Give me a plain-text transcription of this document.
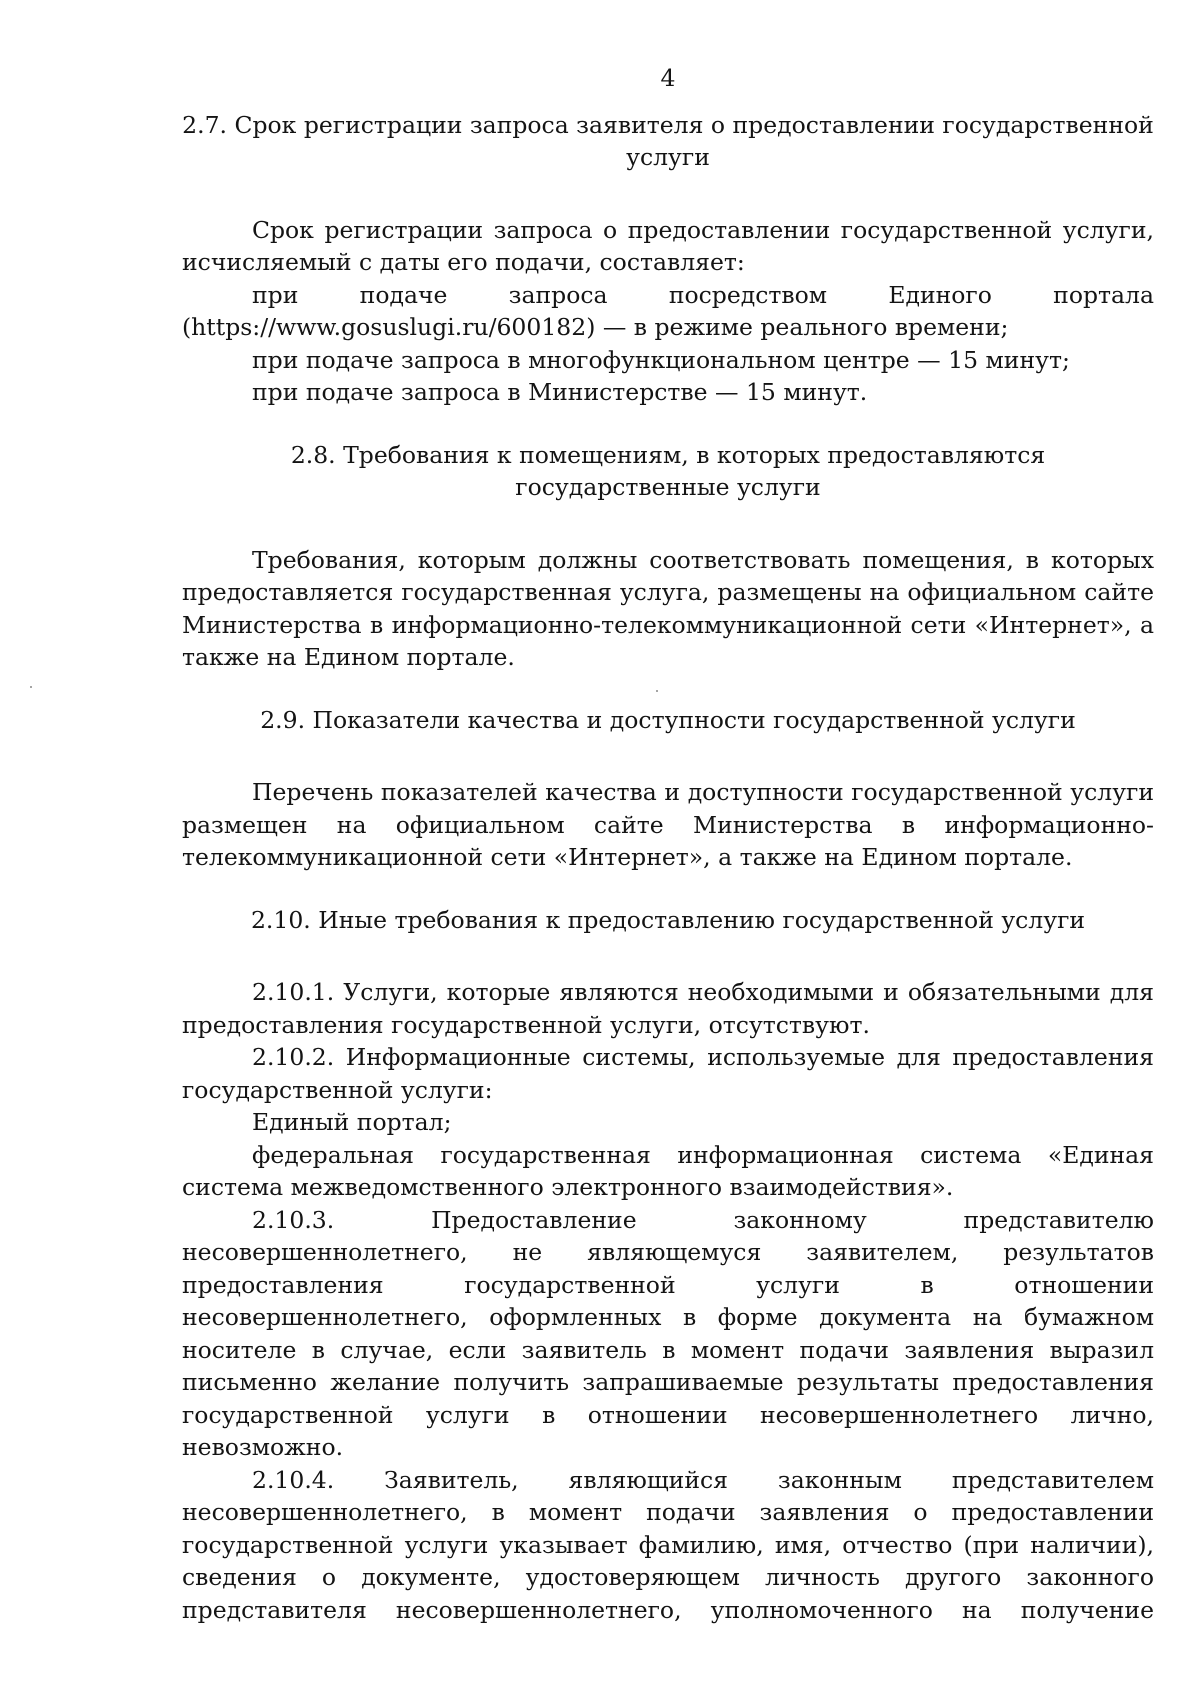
4
2.7. Срок регистрации запроса заявителя о предоставлении государственной услуги

Срок регистрации запроса о предоставлении государственной услуги, исчисляемый с даты его подачи, составляет:

при подаче запроса посредством Единого портала (https://www.gosuslugi.ru/600182) — в режиме реального времени;

при подаче запроса в многофункциональном центре — 15 минут;

при подаче запроса в Министерстве — 15 минут.

2.8. Требования к помещениям, в которых предоставляются государственные услуги

Требования, которым должны соответствовать помещения, в которых предоставляется государственная услуга, размещены на официальном сайте Министерства в информационно-телекоммуникационной сети «Интернет», а также на Едином портале.

2.9. Показатели качества и доступности государственной услуги

Перечень показателей качества и доступности государственной услуги размещен на официальном сайте Министерства в информационно-телекоммуникационной сети «Интернет», а также на Едином портале.

2.10. Иные требования к предоставлению государственной услуги

2.10.1. Услуги, которые являются необходимыми и обязательными для предоставления государственной услуги, отсутствуют.

2.10.2. Информационные системы, используемые для предоставления государственной услуги:

Единый портал;

федеральная государственная информационная система «Единая система межведомственного электронного взаимодействия».

2.10.3. Предоставление законному представителю несовершеннолетнего, не являющемуся заявителем, результатов предоставления государственной услуги в отношении несовершеннолетнего, оформленных в форме документа на бумажном носителе в случае, если заявитель в момент подачи заявления выразил письменно желание получить запрашиваемые результаты предоставления государственной услуги в отношении несовершеннолетнего лично, невозможно.

2.10.4. Заявитель, являющийся законным представителем несовершеннолетнего, в момент подачи заявления о предоставлении государственной услуги указывает фамилию, имя, отчество (при наличии), сведения о документе, удостоверяющем личность другого законного представителя несовершеннолетнего, уполномоченного на получение
